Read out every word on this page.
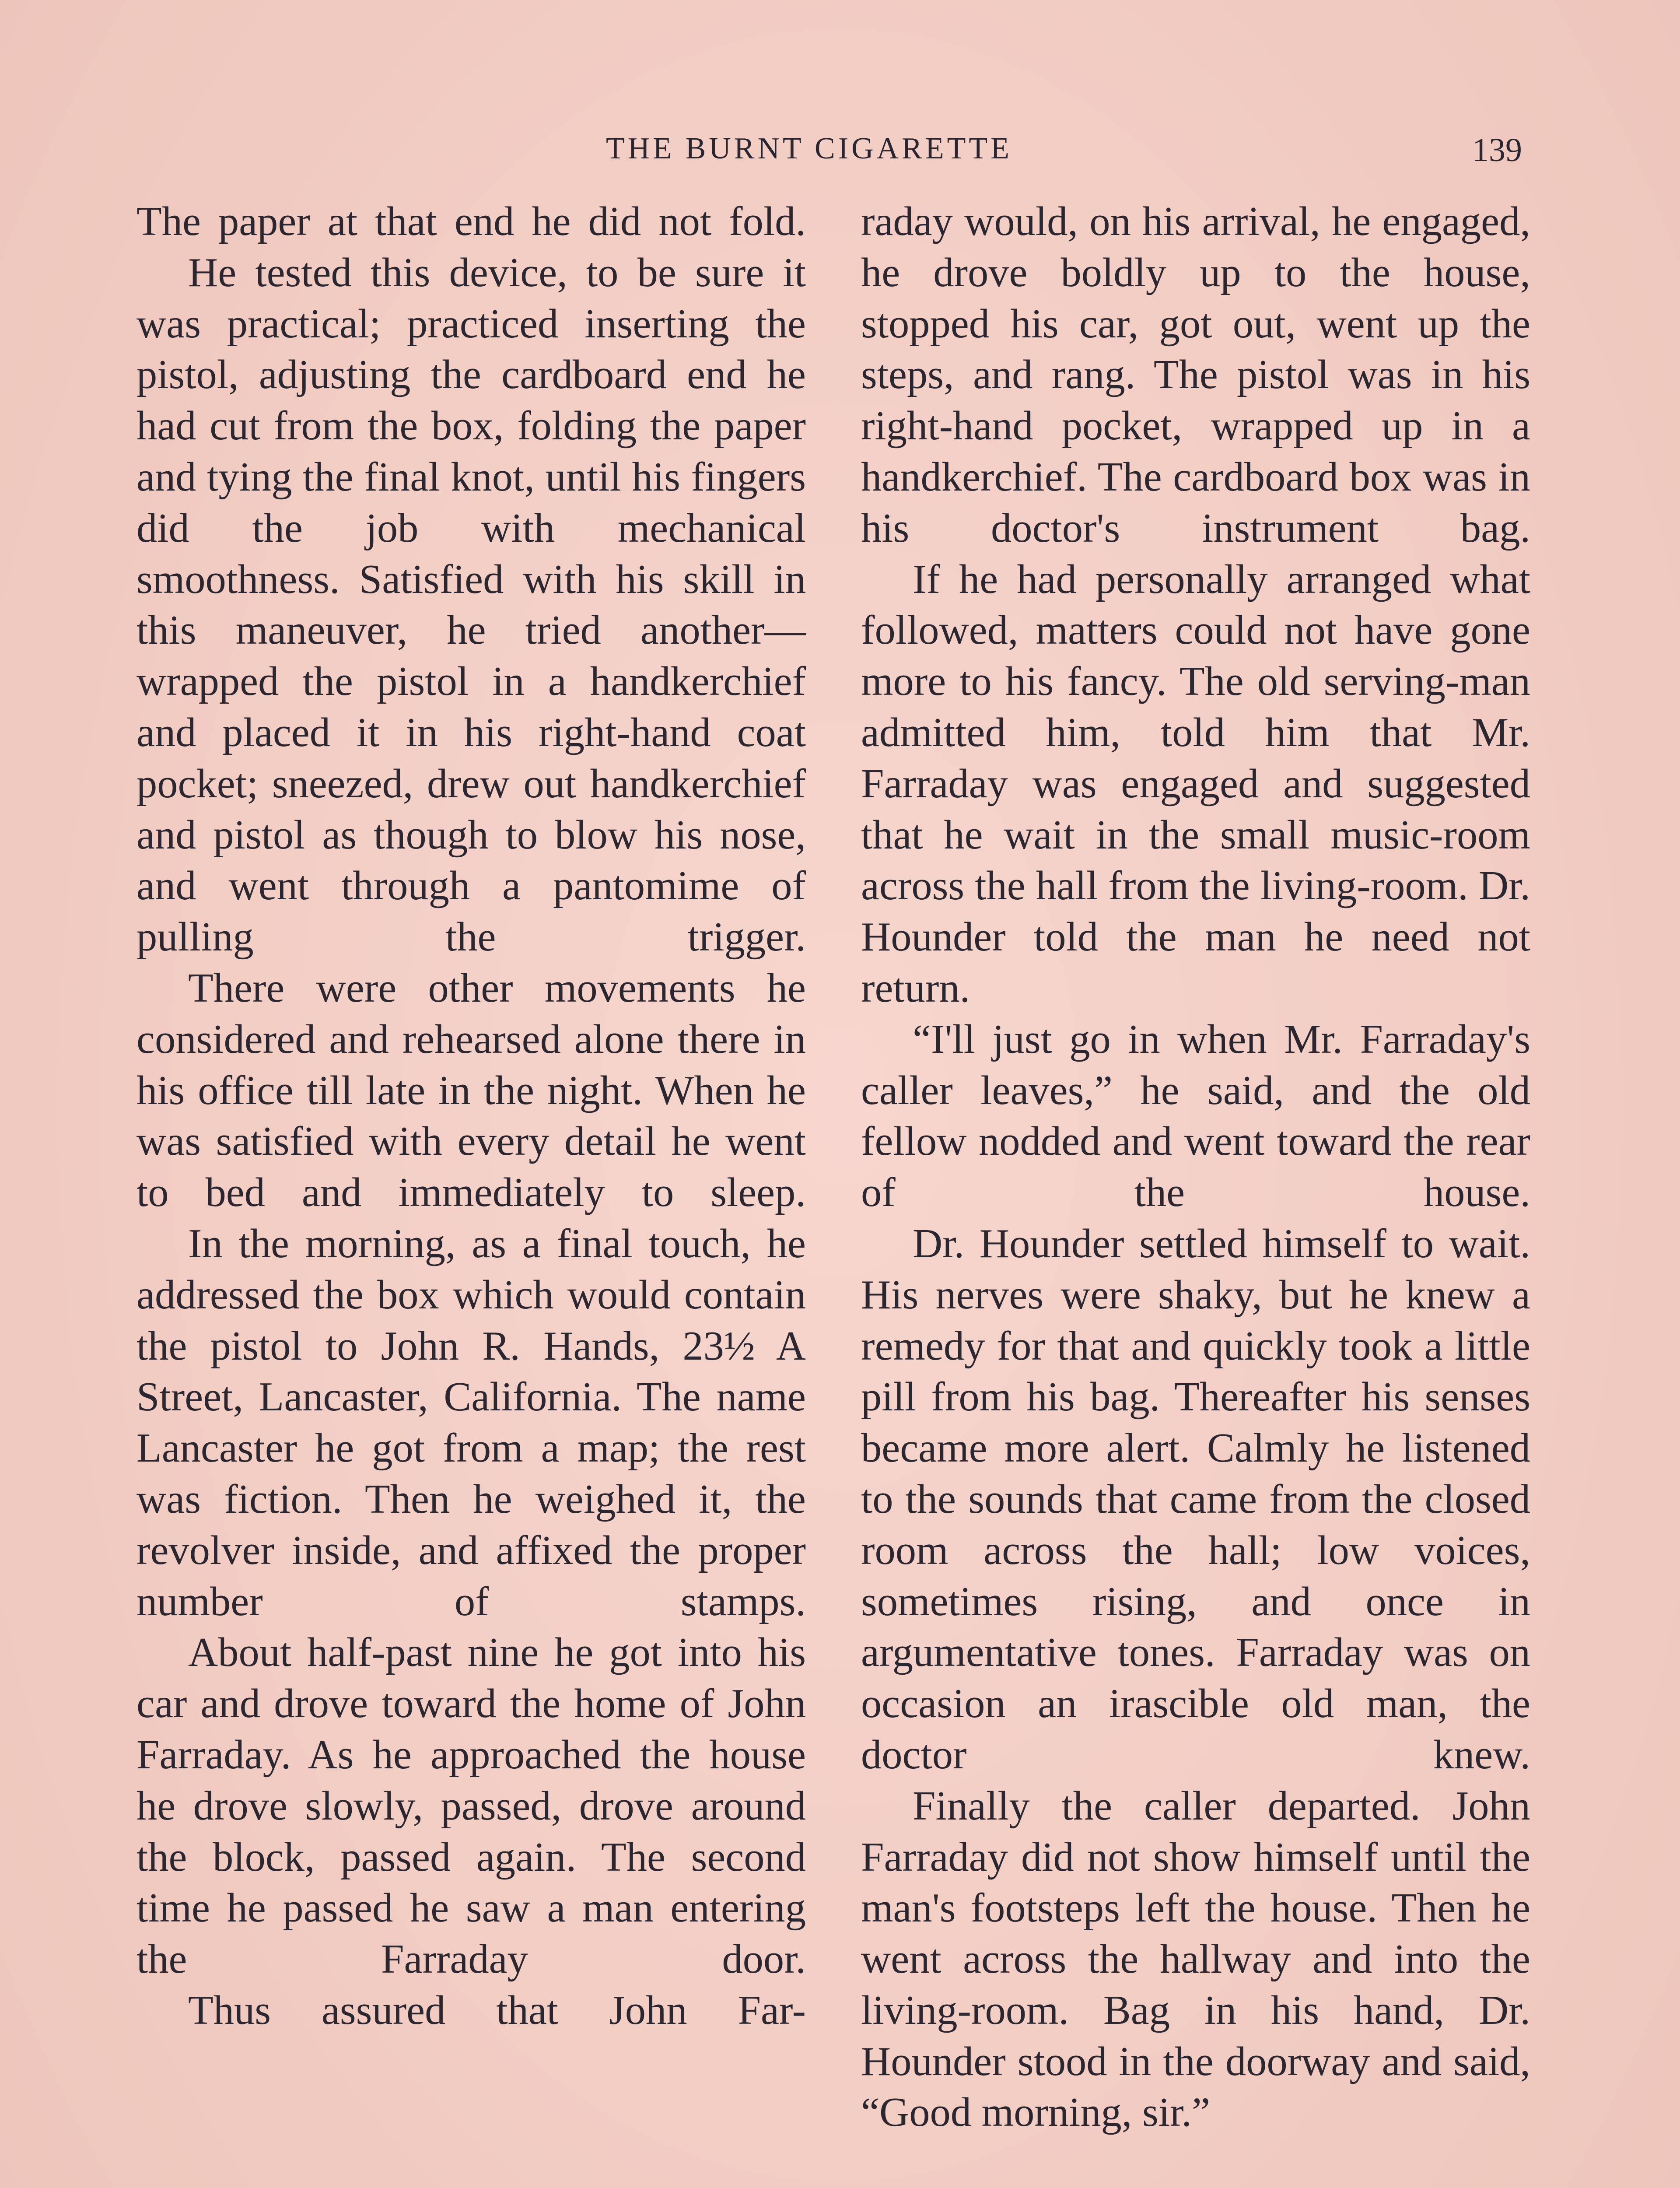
THE BURNT CIGARETTE	139

The paper at that end he did not fold.

He tested this device, to be sure it was practical; practiced inserting the pistol, adjusting the cardboard end he had cut from the box, folding the paper and tying the final knot, until his fingers did the job with mechanical smoothness. Satisfied with his skill in this maneuver, he tried another—wrapped the pistol in a handkerchief and placed it in his right-hand coat pocket; sneezed, drew out handkerchief and pistol as though to blow his nose, and went through a pantomime of pulling the trigger.

There were other movements he considered and rehearsed alone there in his office till late in the night. When he was satisfied with every detail he went to bed and immediately to sleep.

In the morning, as a final touch, he addressed the box which would contain the pistol to John R. Hands, 23½ A Street, Lancaster, California. The name Lancaster he got from a map; the rest was fiction. Then he weighed it, the revolver inside, and affixed the proper number of stamps.

About half-past nine he got into his car and drove toward the home of John Farraday. As he approached the house he drove slowly, passed, drove around the block, passed again. The second time he passed he saw a man entering the Farraday door.

Thus assured that John Far-

raday would, on his arrival, he engaged, he drove boldly up to the house, stopped his car, got out, went up the steps, and rang. The pistol was in his right-hand pocket, wrapped up in a handkerchief. The cardboard box was in his doctor's instrument bag.

If he had personally arranged what followed, matters could not have gone more to his fancy. The old serving-man admitted him, told him that Mr. Farraday was engaged and suggested that he wait in the small music-room across the hall from the living-room. Dr. Hounder told the man he need not return.

“I'll just go in when Mr. Farraday's caller leaves,” he said, and the old fellow nodded and went toward the rear of the house.

Dr. Hounder settled himself to wait. His nerves were shaky, but he knew a remedy for that and quickly took a little pill from his bag. Thereafter his senses became more alert. Calmly he listened to the sounds that came from the closed room across the hall; low voices, sometimes rising, and once in argumentative tones. Farraday was on occasion an irascible old man, the doctor knew.

Finally the caller departed. John Farraday did not show himself until the man's footsteps left the house. Then he went across the hallway and into the living-room. Bag in his hand, Dr. Hounder stood in the doorway and said, “Good morning, sir.”
